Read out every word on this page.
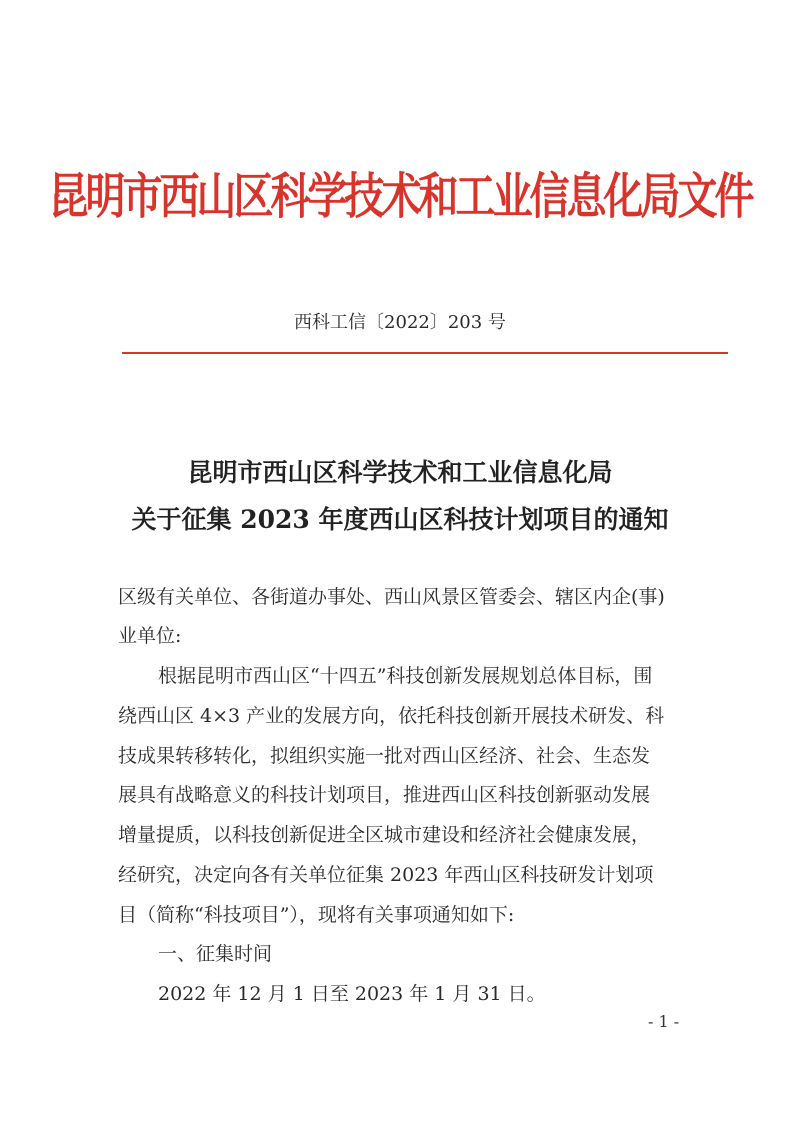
昆明市西山区科学技术和工业信息化局文件
西科工信〔2022〕203 号
昆明市西山区科学技术和工业信息化局
关于征集 2023 年度西山区科技计划项目的通知
区级有关单位、各街道办事处、西山风景区管委会、辖区内企(事)
业单位:
根据昆明市西山区“十四五”科技创新发展规划总体目标，围
绕西山区 4×3 产业的发展方向，依托科技创新开展技术研发、科
技成果转移转化，拟组织实施一批对西山区经济、社会、生态发
展具有战略意义的科技计划项目，推进西山区科技创新驱动发展
增量提质，以科技创新促进全区城市建设和经济社会健康发展，
经研究，决定向各有关单位征集 2023 年西山区科技研发计划项
目（简称“科技项目”），现将有关事项通知如下:
一、征集时间
2022 年 12 月 1 日至 2023 年 1 月 31 日。
- 1 -
